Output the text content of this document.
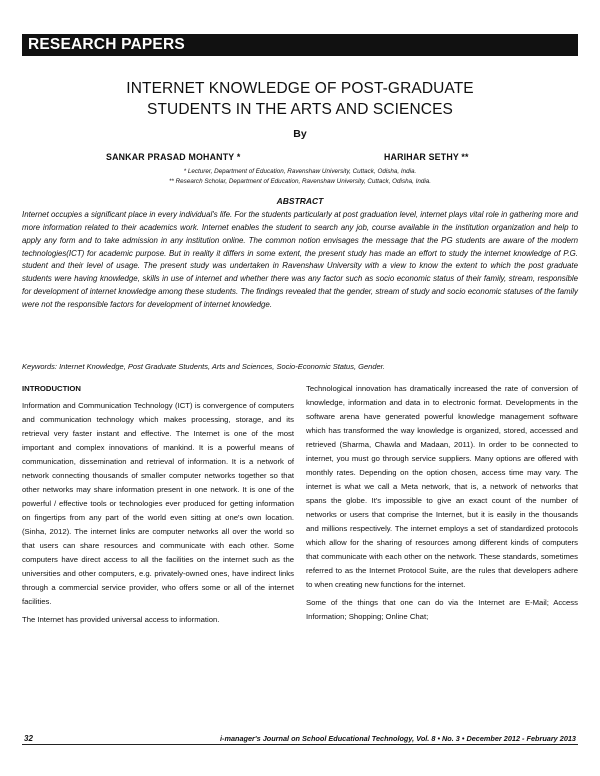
RESEARCH PAPERS
INTERNET KNOWLEDGE OF POST-GRADUATE
STUDENTS IN THE ARTS AND SCIENCES
By
SANKAR PRASAD MOHANTY *	HARIHAR SETHY **
* Lecturer, Department of Education, Ravenshaw University, Cuttack, Odisha, India.
** Research Scholar, Department of Education, Ravenshaw University, Cuttack, Odisha, India.
ABSTRACT
Internet occupies a significant place in every individual's life. For the students particularly at post graduation level, internet plays vital role in gathering more and more information related to their academics work. Internet enables the student to search any job, course available in the institution organization and help to apply any form and to take admission in any institution online. The common notion envisages the message that the PG students are aware of the modern technologies(ICT) for academic purpose. But in reality it differs in some extent, the present study has made an effort to study the internet knowledge of P.G. student and their level of usage. The present study was undertaken in Ravenshaw University with a view to know the extent to which the post graduate students were having knowledge, skills in use of internet and whether there was any factor such as socio economic status of their family, stream, responsible for development of internet knowledge among these students. The findings revealed that the gender, stream of study and socio economic statuses of the family were not the responsible factors for development of internet knowledge.
Keywords: Internet Knowledge, Post Graduate Students, Arts and Sciences, Socio-Economic Status, Gender.
INTRODUCTION

Information and Communication Technology (ICT) is convergence of computers and communication technology which makes processing, storage, and its retrieval very faster instant and effective. The Internet is one of the most important and complex innovations of mankind. It is a powerful means of communication, dissemination and retrieval of information. It is a network of network connecting thousands of smaller computer networks together so that other networks may share information present in one network. It is one of the powerful / effective tools or technologies ever produced for getting information on fingertips from any part of the world even sitting at one's own location. (Sinha, 2012). The internet links are computer networks all over the world so that users can share resources and communicate with each other. Some computers have direct access to all the facilities on the internet such as the universities and other computers, e.g. privately-owned ones, have indirect links through a commercial service provider, who offers some or all of the internet facilities.

The Internet has provided universal access to information.

Technological innovation has dramatically increased the rate of conversion of knowledge, information and data in to electronic format. Developments in the software arena have generated powerful knowledge management software which has transformed the way knowledge is organized, stored, accessed and retrieved (Sharma, Chawla and Madaan, 2011). In order to be connected to internet, you must go through service suppliers. Many options are offered with monthly rates. Depending on the option chosen, access time may vary. The internet is what we call a Meta network, that is, a network of networks that spans the globe. It's impossible to give an exact count of the number of networks or users that comprise the Internet, but it is easily in the thousands and millions respectively. The internet employs a set of standardized protocols which allow for the sharing of resources among different kinds of computers that communicate with each other on the network. These standards, sometimes referred to as the Internet Protocol Suite, are the rules that developers adhere to when creating new functions for the internet.

Some of the things that one can do via the Internet are E-Mail; Access Information; Shopping; Online Chat;

32	i-manager's Journal on School Educational Technology, Vol. 8 • No. 3 • December 2012 - February 2013
